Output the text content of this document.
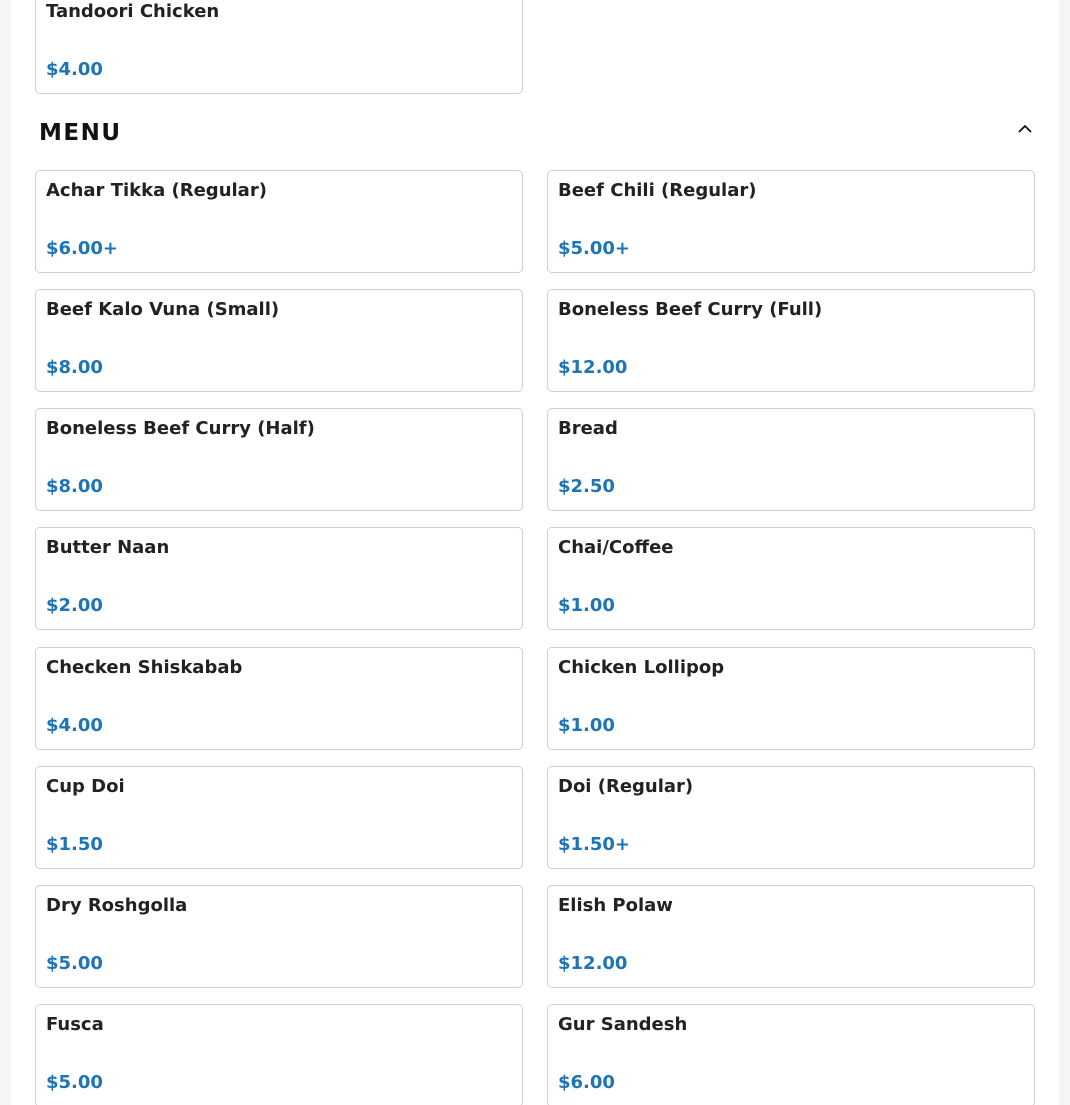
Tandoori Chicken
$4.00
MENU
Achar Tikka (Regular)
$6.00+
Beef Chili (Regular)
$5.00+
Beef Kalo Vuna (Small)
$8.00
Boneless Beef Curry (Full)
$12.00
Boneless Beef Curry (Half)
$8.00
Bread
$2.50
Butter Naan
$2.00
Chai/Coffee
$1.00
Checken Shiskabab
$4.00
Chicken Lollipop
$1.00
Cup Doi
$1.50
Doi (Regular)
$1.50+
Dry Roshgolla
$5.00
Elish Polaw
$12.00
Fusca
$5.00
Gur Sandesh
$6.00
